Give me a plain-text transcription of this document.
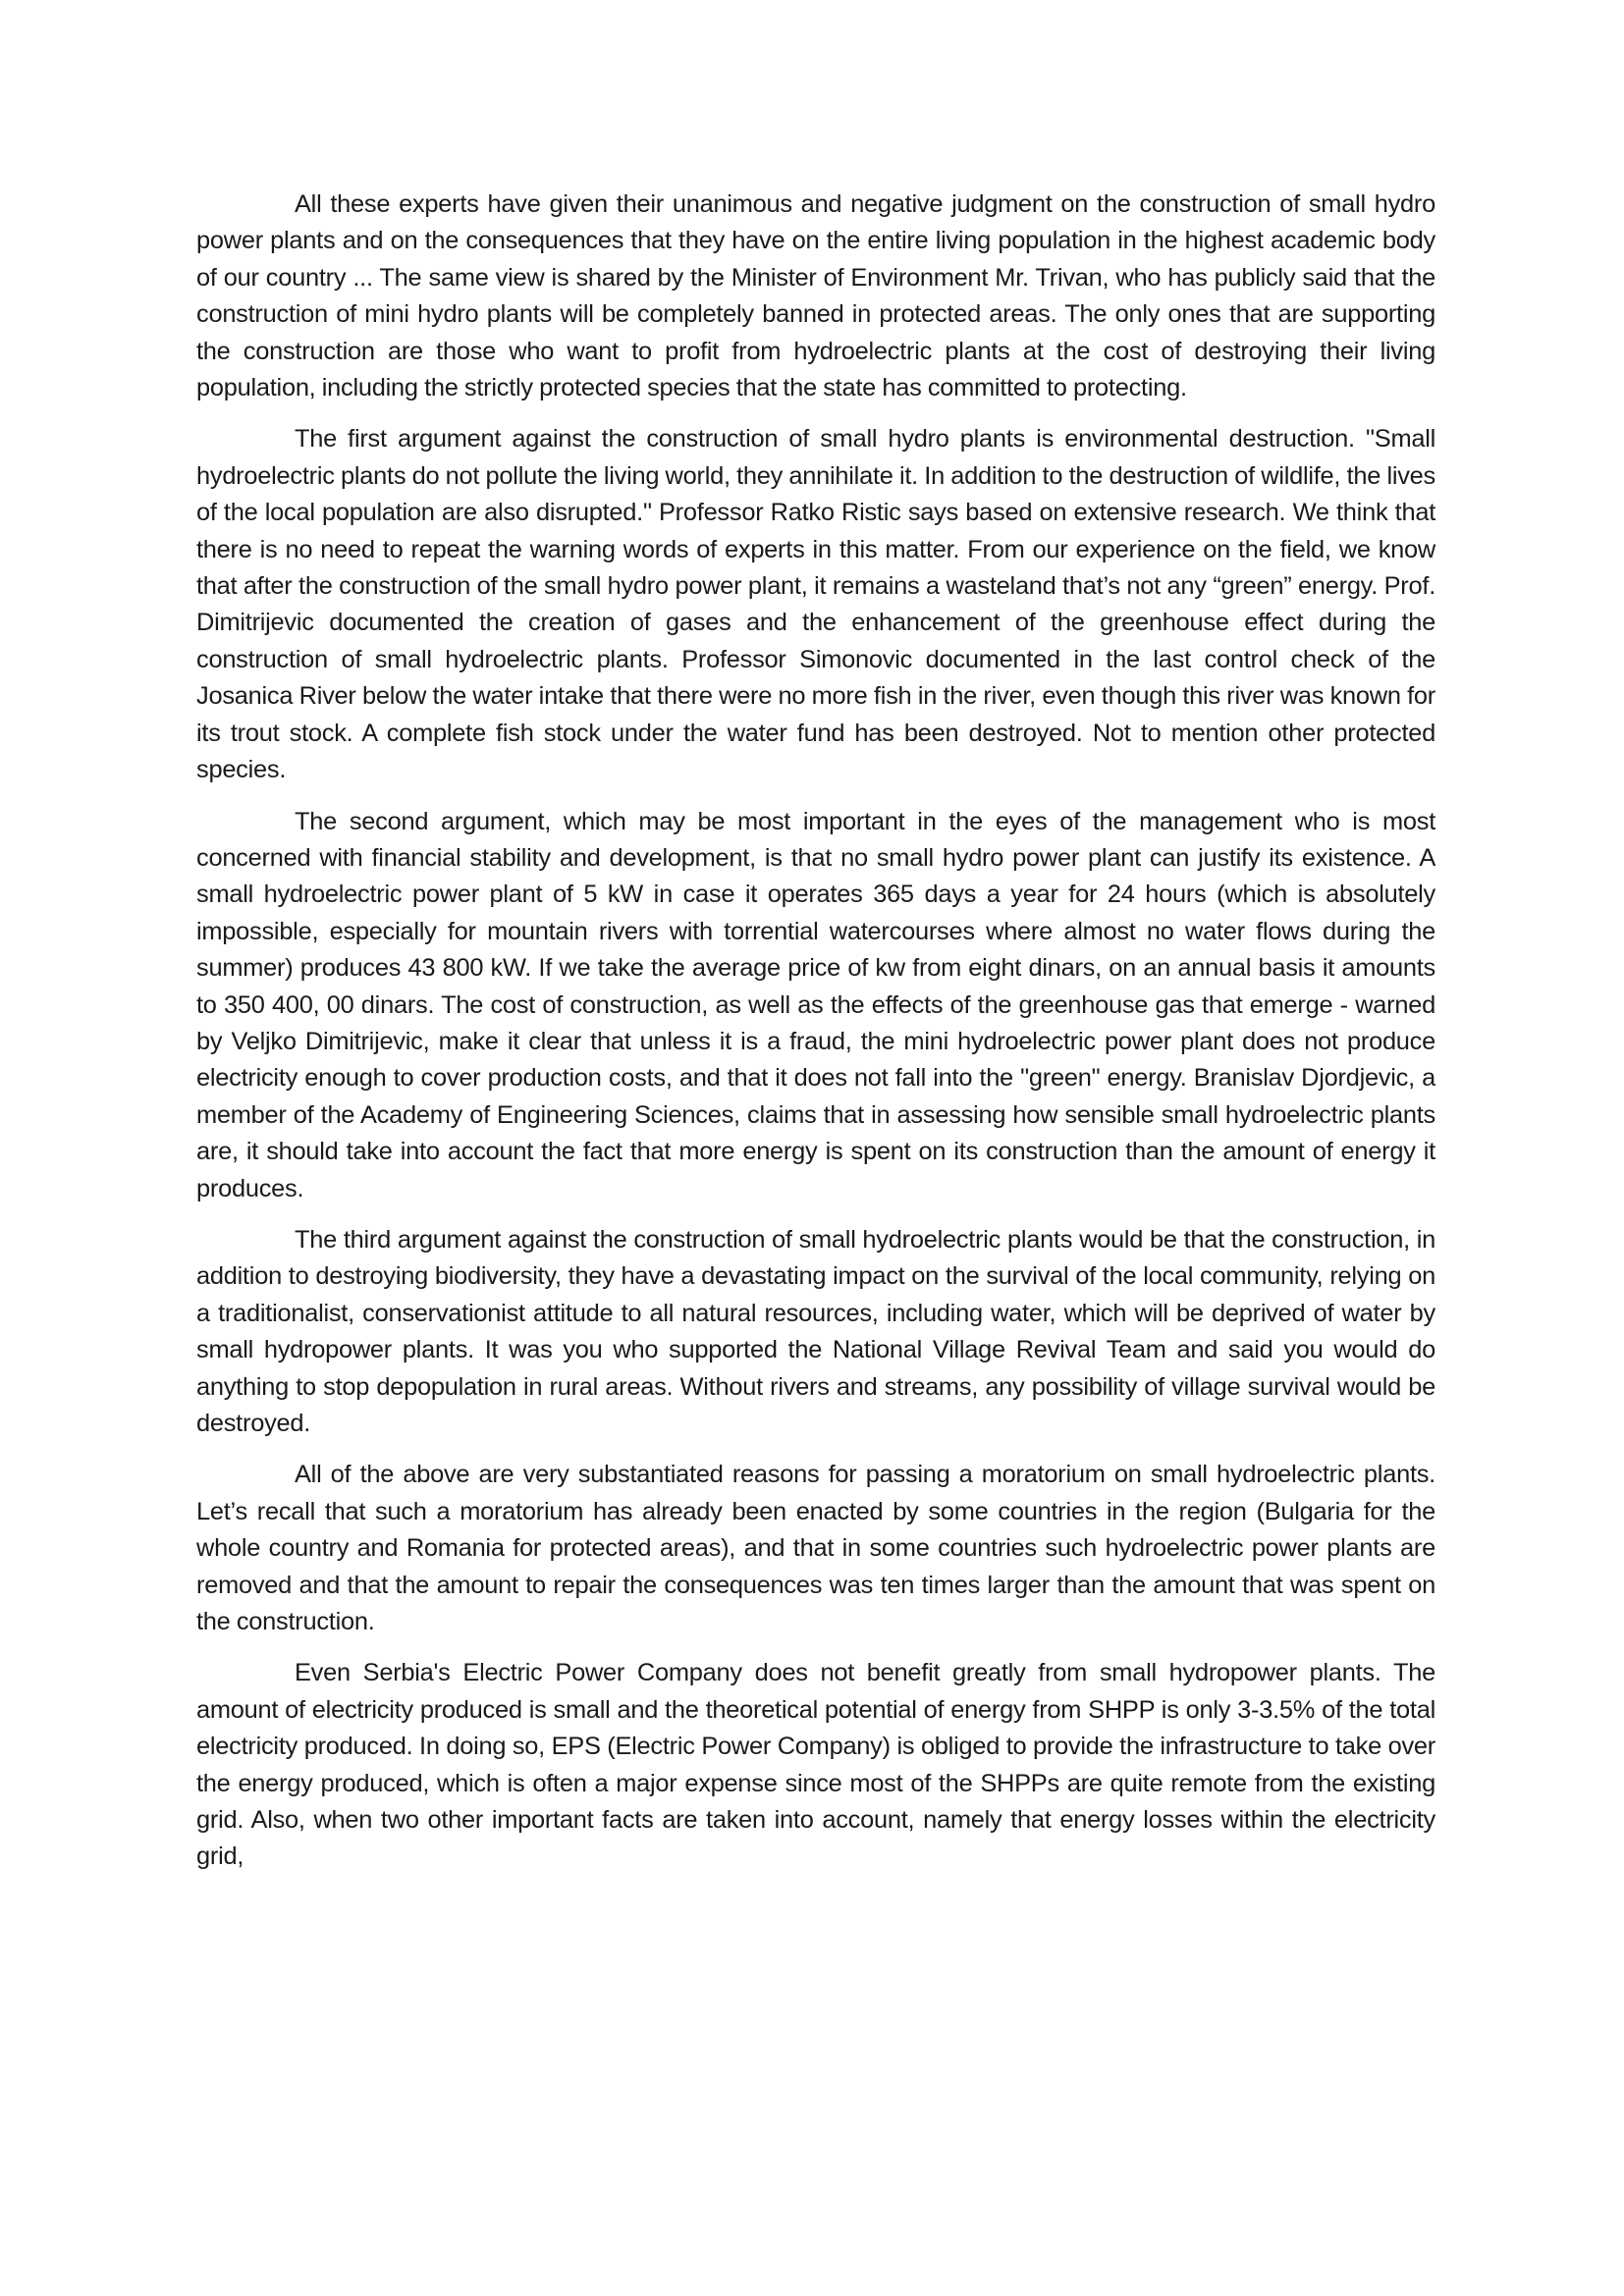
All these experts have given their unanimous and negative judgment on the construction of small hydro power plants and on the consequences that they have on the entire living population in the highest academic body of our country ... The same view is shared by the Minister of Environment Mr. Trivan, who has publicly said that the construction of mini hydro plants will be completely banned in protected areas. The only ones that are supporting the construction are those who want to profit from hydroelectric plants at the cost of destroying their living population, including the strictly protected species that the state has committed to protecting.

The first argument against the construction of small hydro plants is environmental destruction. "Small hydroelectric plants do not pollute the living world, they annihilate it. In addition to the destruction of wildlife, the lives of the local population are also disrupted." Professor Ratko Ristic says based on extensive research. We think that there is no need to repeat the warning words of experts in this matter. From our experience on the field, we know that after the construction of the small hydro power plant, it remains a wasteland that’s not any “green” energy. Prof. Dimitrijevic documented the creation of gases and the enhancement of the greenhouse effect during the construction of small hydroelectric plants. Professor Simonovic documented in the last control check of the Josanica River below the water intake that there were no more fish in the river, even though this river was known for its trout stock. A complete fish stock under the water fund has been destroyed. Not to mention other protected species.

The second argument, which may be most important in the eyes of the management who is most concerned with financial stability and development, is that no small hydro power plant can justify its existence. A small hydroelectric power plant of 5 kW in case it operates 365 days a year for 24 hours (which is absolutely impossible, especially for mountain rivers with torrential watercourses where almost no water flows during the summer) produces 43 800 kW. If we take the average price of kw from eight dinars, on an annual basis it amounts to 350 400, 00 dinars. The cost of construction, as well as the effects of the greenhouse gas that emerge - warned by Veljko Dimitrijevic, make it clear that unless it is a fraud, the mini hydroelectric power plant does not produce electricity enough to cover production costs, and that it does not fall into the "green" energy. Branislav Djordjevic, a member of the Academy of Engineering Sciences, claims that in assessing how sensible small hydroelectric plants are, it should take into account the fact that more energy is spent on its construction than the amount of energy it produces.

The third argument against the construction of small hydroelectric plants would be that the construction, in addition to destroying biodiversity, they have a devastating impact on the survival of the local community, relying on a traditionalist, conservationist attitude to all natural resources, including water, which will be deprived of water by small hydropower plants. It was you who supported the National Village Revival Team and said you would do anything to stop depopulation in rural areas. Without rivers and streams, any possibility of village survival would be destroyed.

All of the above are very substantiated reasons for passing a moratorium on small hydroelectric plants. Let’s recall that such a moratorium has already been enacted by some countries in the region (Bulgaria for the whole country and Romania for protected areas), and that in some countries such hydroelectric power plants are removed and that the amount to repair the consequences was ten times larger than the amount that was spent on the construction.

Even Serbia's Electric Power Company does not benefit greatly from small hydropower plants. The amount of electricity produced is small and the theoretical potential of energy from SHPP is only 3-3.5% of the total electricity produced. In doing so, EPS (Electric Power Company) is obliged to provide the infrastructure to take over the energy produced, which is often a major expense since most of the SHPPs are quite remote from the existing grid. Also, when two other important facts are taken into account, namely that energy losses within the electricity grid,
